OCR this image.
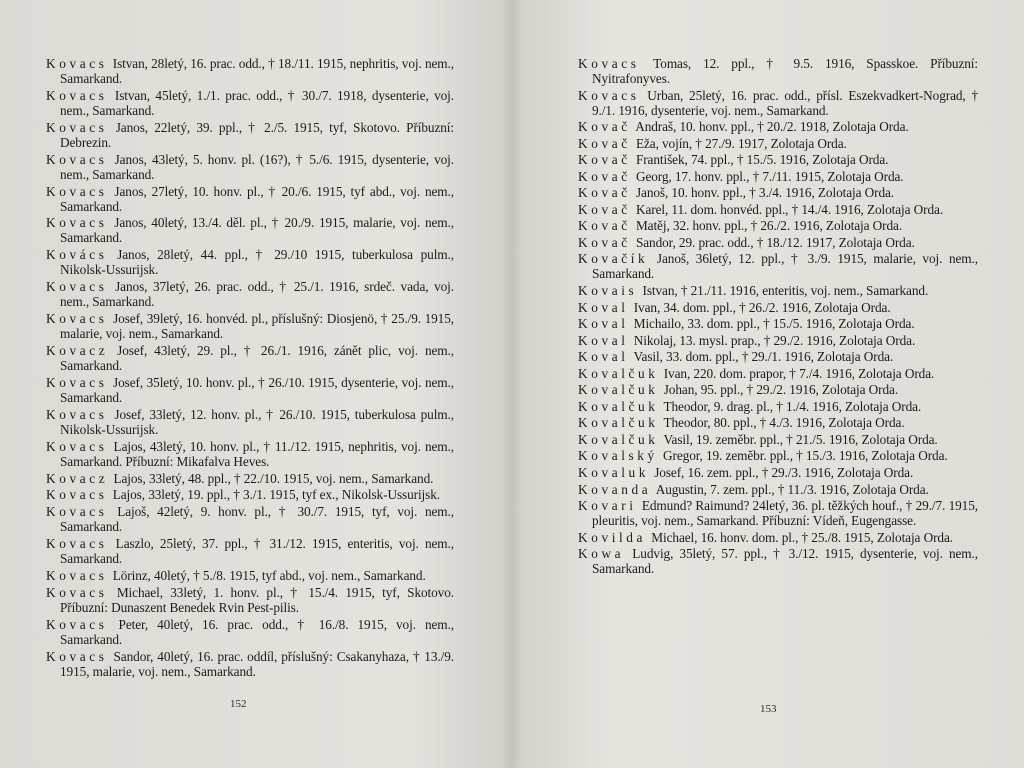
Kovacs Istvan, 28letý, 16. prac. odd., † 18./11. 1915, nephritis, voj. nem., Samarkand.

Kovacs Istvan, 45letý, 1./1. prac. odd., † 30./7. 1918, dysenterie, voj. nem., Samarkand.

Kovacs Janos, 22letý, 39. ppl., † 2./5. 1915, tyf, Skotovo. Příbuzní: Debrezin.

Kovacs Janos, 43letý, 5. honv. pl. (16?), † 5./6. 1915, dysenterie, voj. nem., Samarkand.

Kovacs Janos, 27letý, 10. honv. pl., † 20./6. 1915, tyf abd., voj. nem., Samarkand.

Kovacs Janos, 40letý, 13./4. děl. pl., † 20./9. 1915, malarie, voj. nem., Samarkand.

Kovács Janos, 28letý, 44. ppl., † 29./10 1915, tuberkulosa pulm., Nikolsk-Ussurijsk.

Kovacs Janos, 37letý, 26. prac. odd., † 25./1. 1916, srdeč. vada, voj. nem., Samarkand.

Kovacs Josef, 39letý, 16. honvéd. pl., příslušný: Diosjenö, † 25./9. 1915, malarie, voj. nem., Samarkand.

Kovacz Josef, 43letý, 29. pl., † 26./1. 1916, zánět plic, voj. nem., Samarkand.

Kovacs Josef, 35letý, 10. honv. pl., † 26./10. 1915, dysenterie, voj. nem., Samarkand.

Kovacs Josef, 33letý, 12. honv. pl., † 26./10. 1915, tuberkulosa pulm., Nikolsk-Ussurijsk.

Kovacs Lajos, 43letý, 10. honv. pl., † 11./12. 1915, nephritis, voj. nem., Samarkand. Příbuzní: Mikafalva Heves.

Kovacz Lajos, 33letý, 48. ppl., † 22./10. 1915, voj. nem., Samarkand.

Kovacs Lajos, 33letý, 19. ppl., † 3./1. 1915, tyf ex., Nikolsk-Ussurijsk.

Kovacs Lajoš, 42letý, 9. honv. pl., † 30./7. 1915, tyf, voj. nem., Samarkand.

Kovacs Laszlo, 25letý, 37. ppl., † 31./12. 1915, enteritis, voj. nem., Samarkand.

Kovacs Lörinz, 40letý, † 5./8. 1915, tyf abd., voj. nem., Samarkand.

Kovacs Michael, 33letý, 1. honv. pl., † 15./4. 1915, tyf, Skotovo. Příbuzní: Dunaszent Benedek Rvin Pest-pilis.

Kovacs Peter, 40letý, 16. prac. odd., † 16./8. 1915, voj. nem., Samarkand.

Kovacs Sandor, 40letý, 16. prac. oddíl, příslušný: Csakanyhaza, † 13./9. 1915, malarie, voj. nem., Samarkand.

Kovacs Tomas, 12. ppl., † 9.5. 1916, Spasskoe. Příbuzní: Nyitrafonyves.

Kovacs Urban, 25letý, 16. prac. odd., přísl. Eszekvadkert-Nograd, † 9./1. 1916, dysenterie, voj. nem., Samarkand.

Kovač Andraš, 10. honv. ppl., † 20./2. 1918, Zolotaja Orda.

Kovač Eža, vojín, † 27./9. 1917, Zolotaja Orda.

Kovač František, 74. ppl., † 15./5. 1916, Zolotaja Orda.

Kovač Georg, 17. honv. ppl., † 7./11. 1915, Zolotaja Orda.

Kovač Janoš, 10. honv. ppl., † 3./4. 1916, Zolotaja Orda.

Kovač Karel, 11. dom. honvéd. ppl., † 14./4. 1916, Zolotaja Orda.

Kovač Matěj, 32. honv. ppl., † 26./2. 1916, Zolotaja Orda.

Kovač Sandor, 29. prac. odd., † 18./12. 1917, Zolotaja Orda.

Kovačík Janoš, 36letý, 12. ppl., † 3./9. 1915, malarie, voj. nem., Samarkand.

Kovais Istvan, † 21./11. 1916, enteritis, voj. nem., Samarkand.

Koval Ivan, 34. dom. ppl., † 26./2. 1916, Zolotaja Orda.

Koval Michailo, 33. dom. ppl., † 15./5. 1916, Zolotaja Orda.

Koval Nikolaj, 13. mysl. prap., † 29./2. 1916, Zolotaja Orda.

Koval Vasil, 33. dom. ppl., † 29./1. 1916, Zolotaja Orda.

Kovalčuk Ivan, 220. dom. prapor, † 7./4. 1916, Zolotaja Orda.

Kovalčuk Johan, 95. ppl., † 29./2. 1916, Zolotaja Orda.

Kovalčuk Theodor, 9. drag. pl., † 1./4. 1916, Zolotaja Orda.

Kovalčuk Theodor, 80. ppl., † 4./3. 1916, Zolotaja Orda.

Kovalčuk Vasil, 19. zeměbr. ppl., † 21./5. 1916, Zolotaja Orda.

Kovalský Gregor, 19. zeměbr. ppl., † 15./3. 1916, Zolotaja Orda.

Kovaluk Josef, 16. zem. ppl., † 29./3. 1916, Zolotaja Orda.

Kovanda Augustin, 7. zem. ppl., † 11./3. 1916, Zolotaja Orda.

Kovari Edmund? Raimund? 24letý, 36. pl. těžkých houf., † 29./7. 1915, pleuritis, voj. nem., Samarkand. Příbuzní: Vídeň, Eugengasse.

Kovilda Michael, 16. honv. dom. pl., † 25./8. 1915, Zolotaja Orda.

Kowa Ludvig, 35letý, 57. ppl., † 3./12. 1915, dysenterie, voj. nem., Samarkand.

152	153
